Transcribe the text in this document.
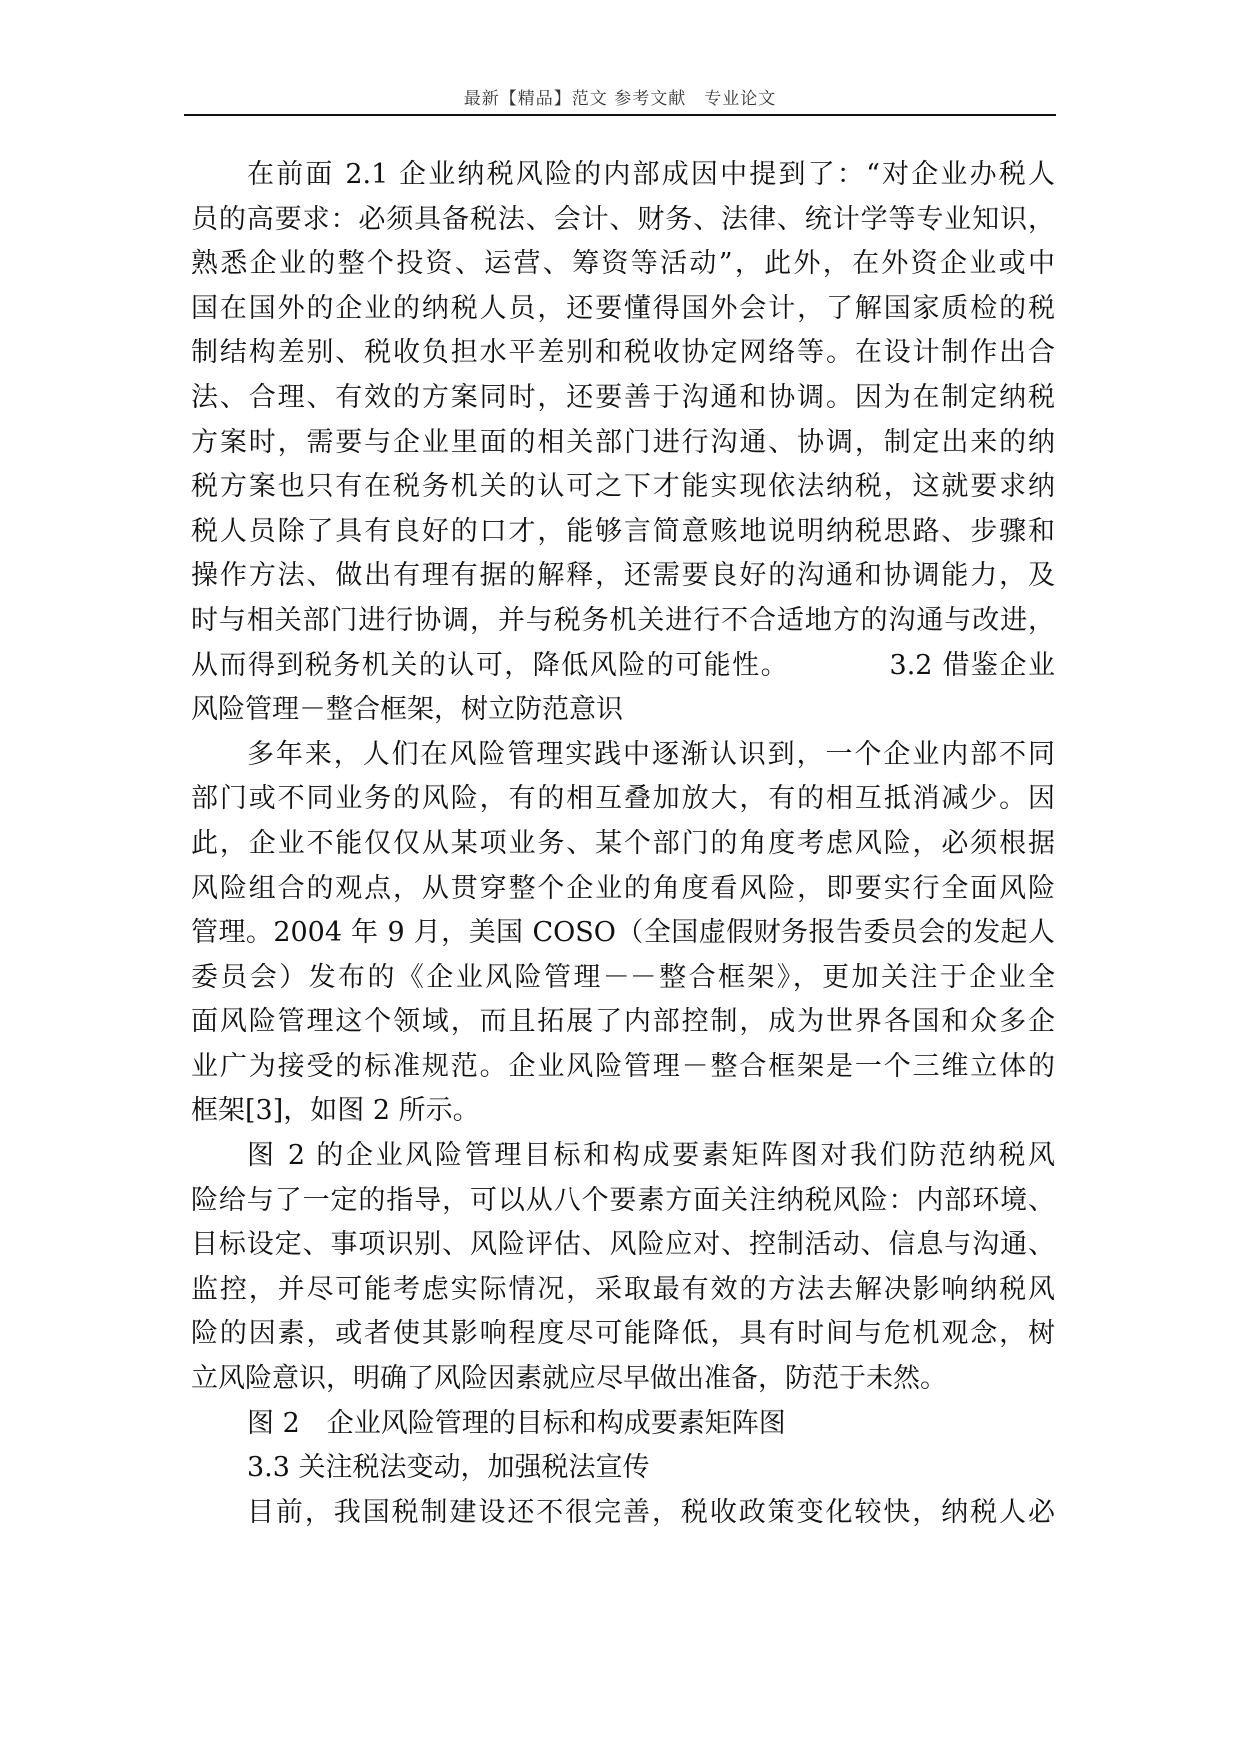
最新【精品】范文 参考文献　专业论文
在前面 2.1 企业纳税风险的内部成因中提到了：“对企业办税人
员的高要求：必须具备税法、会计、财务、法律、统计学等专业知识，
熟悉企业的整个投资、运营、筹资等活动”，此外，在外资企业或中
国在国外的企业的纳税人员，还要懂得国外会计，了解国家质检的税
制结构差别、税收负担水平差别和税收协定网络等。在设计制作出合
法、合理、有效的方案同时，还要善于沟通和协调。因为在制定纳税
方案时，需要与企业里面的相关部门进行沟通、协调，制定出来的纳
税方案也只有在税务机关的认可之下才能实现依法纳税，这就要求纳
税人员除了具有良好的口才，能够言简意赅地说明纳税思路、步骤和
操作方法、做出有理有据的解释，还需要良好的沟通和协调能力，及
时与相关部门进行协调，并与税务机关进行不合适地方的沟通与改进，
从而得到税务机关的认可，降低风险的可能性。　　　　3.2 借鉴企业
风险管理－整合框架，树立防范意识
多年来，人们在风险管理实践中逐渐认识到，一个企业内部不同
部门或不同业务的风险，有的相互叠加放大，有的相互抵消减少。因
此，企业不能仅仅从某项业务、某个部门的角度考虑风险，必须根据
风险组合的观点，从贯穿整个企业的角度看风险，即要实行全面风险
管理。2004 年 9 月，美国 COSO（全国虚假财务报告委员会的发起人
委员会）发布的《企业风险管理－－整合框架》，更加关注于企业全
面风险管理这个领域，而且拓展了内部控制，成为世界各国和众多企
业广为接受的标准规范。企业风险管理－整合框架是一个三维立体的
框架[3]，如图 2 所示。
图 2 的企业风险管理目标和构成要素矩阵图对我们防范纳税风
险给与了一定的指导，可以从八个要素方面关注纳税风险：内部环境、
目标设定、事项识别、风险评估、风险应对、控制活动、信息与沟通、
监控，并尽可能考虑实际情况，采取最有效的方法去解决影响纳税风
险的因素，或者使其影响程度尽可能降低，具有时间与危机观念，树
立风险意识，明确了风险因素就应尽早做出准备，防范于未然。
图 2　企业风险管理的目标和构成要素矩阵图
3.3 关注税法变动，加强税法宣传
目前，我国税制建设还不很完善，税收政策变化较快，纳税人必
